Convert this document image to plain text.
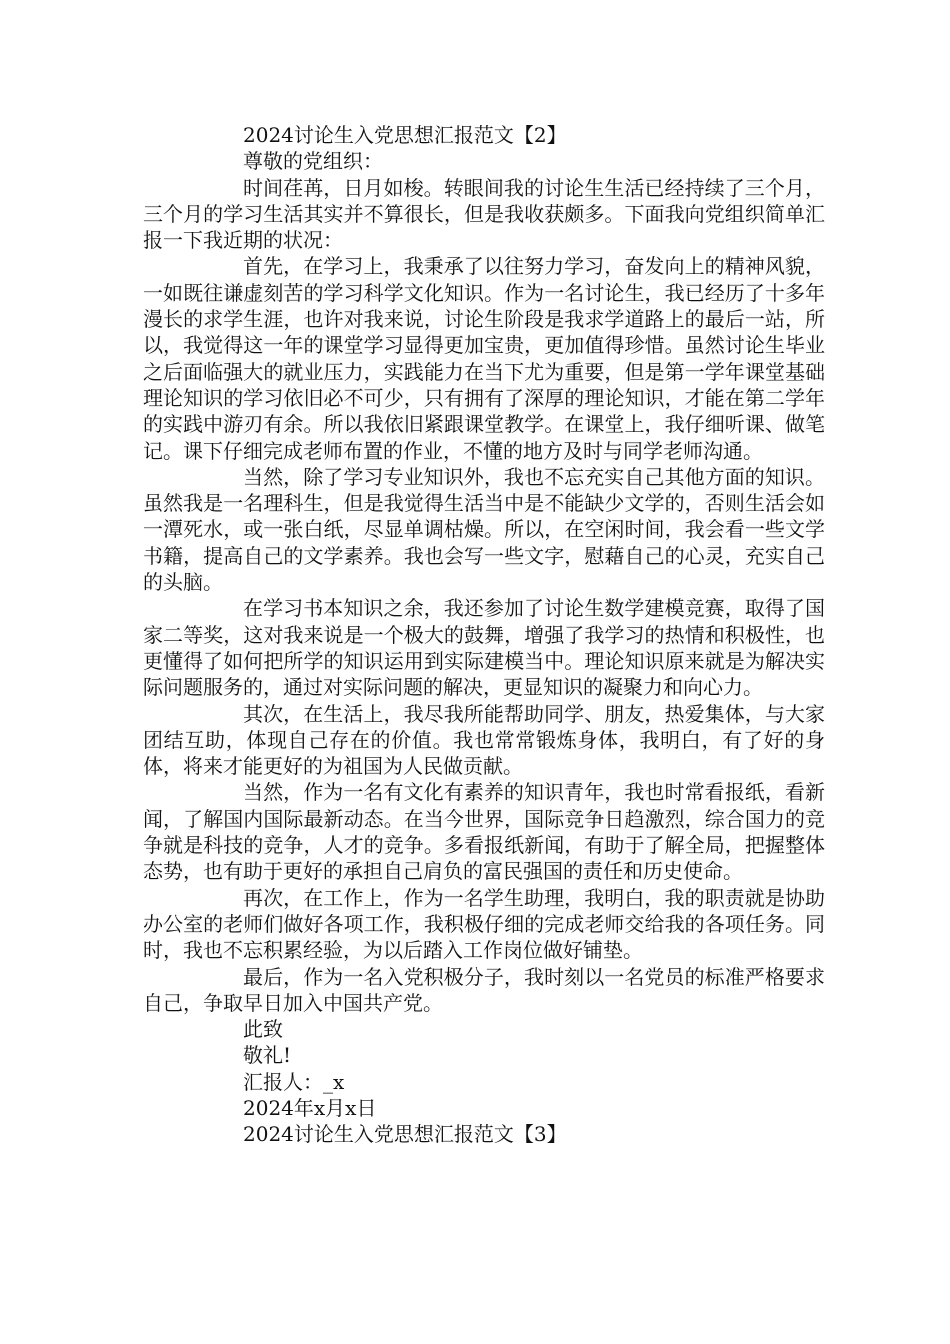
2024讨论生入党思想汇报范文【2】
尊敬的党组织：

时间荏苒，日月如梭。转眼间我的讨论生生活已经持续了三个月，三个月的学习生活其实并不算很长，但是我收获颇多。下面我向党组织简单汇报一下我近期的状况：

首先，在学习上，我秉承了以往努力学习，奋发向上的精神风貌，一如既往谦虚刻苦的学习科学文化知识。作为一名讨论生，我已经历了十多年漫长的求学生涯，也许对我来说，讨论生阶段是我求学道路上的最后一站，所以，我觉得这一年的课堂学习显得更加宝贵，更加值得珍惜。虽然讨论生毕业之后面临强大的就业压力，实践能力在当下尤为重要，但是第一学年课堂基础理论知识的学习依旧必不可少，只有拥有了深厚的理论知识，才能在第二学年的实践中游刃有余。所以我依旧紧跟课堂教学。在课堂上，我仔细听课、做笔记。课下仔细完成老师布置的作业，不懂的地方及时与同学老师沟通。

当然，除了学习专业知识外，我也不忘充实自己其他方面的知识。虽然我是一名理科生，但是我觉得生活当中是不能缺少文学的，否则生活会如一潭死水，或一张白纸，尽显单调枯燥。所以，在空闲时间，我会看一些文学书籍，提高自己的文学素养。我也会写一些文字，慰藉自己的心灵，充实自己的头脑。

在学习书本知识之余，我还参加了讨论生数学建模竞赛，取得了国家二等奖，这对我来说是一个极大的鼓舞，增强了我学习的热情和积极性，也更懂得了如何把所学的知识运用到实际建模当中。理论知识原来就是为解决实际问题服务的，通过对实际问题的解决，更显知识的凝聚力和向心力。

其次，在生活上，我尽我所能帮助同学、朋友，热爱集体，与大家团结互助，体现自己存在的价值。我也常常锻炼身体，我明白，有了好的身体，将来才能更好的为祖国为人民做贡献。

当然，作为一名有文化有素养的知识青年，我也时常看报纸，看新闻，了解国内国际最新动态。在当今世界，国际竞争日趋激烈，综合国力的竞争就是科技的竞争，人才的竞争。多看报纸新闻，有助于了解全局，把握整体态势，也有助于更好的承担自己肩负的富民强国的责任和历史使命。

再次，在工作上，作为一名学生助理，我明白，我的职责就是协助办公室的老师们做好各项工作，我积极仔细的完成老师交给我的各项任务。同时，我也不忘积累经验，为以后踏入工作岗位做好铺垫。

最后，作为一名入党积极分子，我时刻以一名党员的标准严格要求自己，争取早日加入中国共产党。

此致
敬礼!
汇报人：_x
2024年x月x日
2024讨论生入党思想汇报范文【3】
